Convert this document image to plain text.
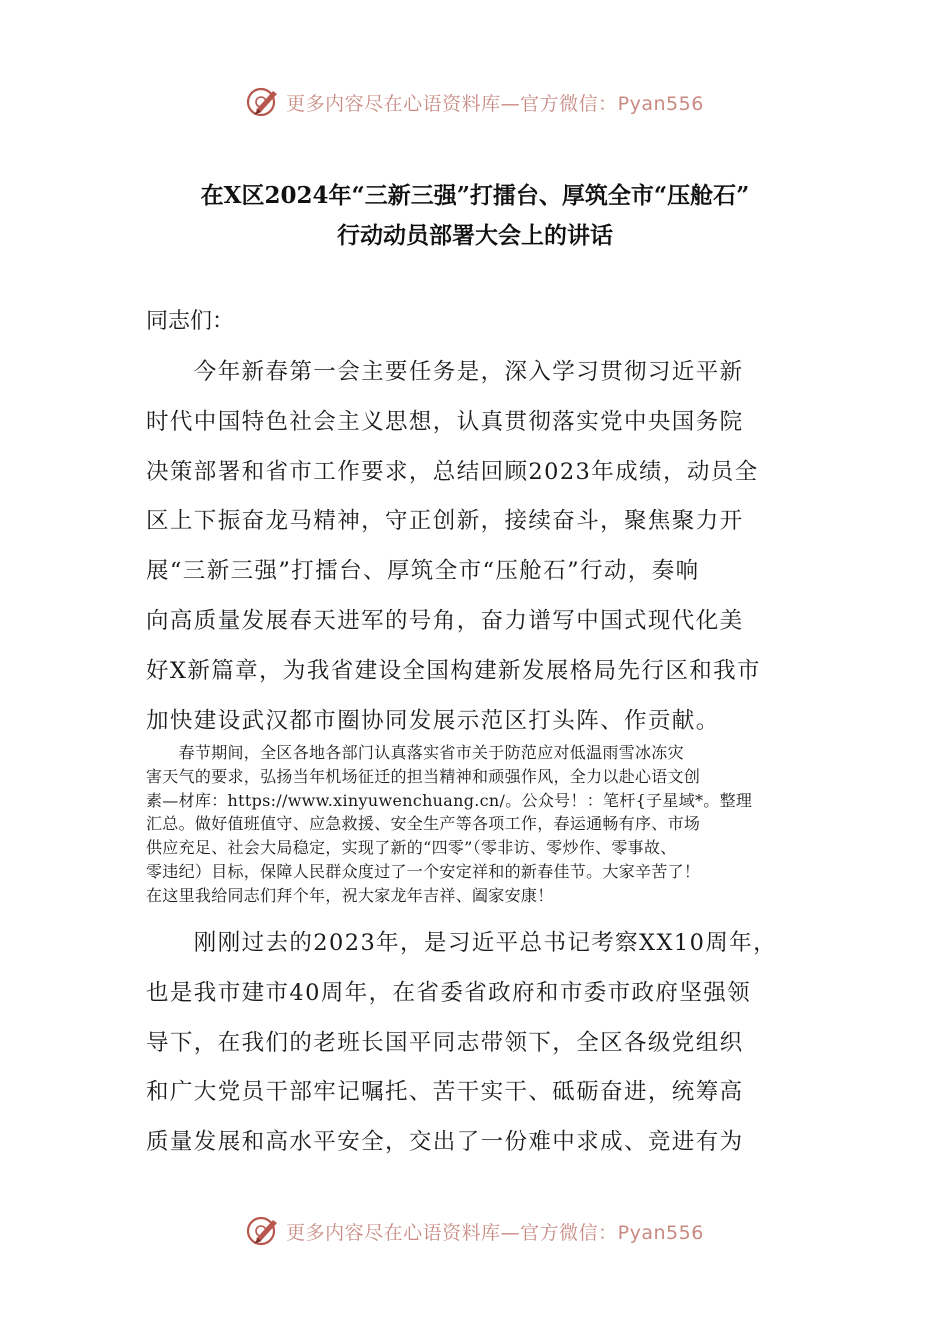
更多内容尽在心语资料库—官方微信：Pyan556
在X区2024年“三新三强”打擂台、厚筑全市“压舱石”
行动动员部署大会上的讲话
同志们：
　　今年新春第一会主要任务是，深入学习贯彻习近平新
时代中国特色社会主义思想，认真贯彻落实党中央国务院
决策部署和省市工作要求，总结回顾2023年成绩，动员全
区上下振奋龙马精神，守正创新，接续奋斗，聚焦聚力开
展“三新三强”打擂台、厚筑全市“压舱石”行动，奏响
向高质量发展春天进军的号角，奋力谱写中国式现代化美
好X新篇章，为我省建设全国构建新发展格局先行区和我市
加快建设武汉都市圈协同发展示范区打头阵、作贡献。
　　春节期间，全区各地各部门认真落实省市关于防范应对低温雨雪冰冻灾
害天气的要求，弘扬当年机场征迁的担当精神和顽强作风，全力以赴心语文创
素—材库：https://www.xinyuwenchuang.cn/。公众号！：笔杆{子星域*。整理
汇总。做好值班值守、应急救援、安全生产等各项工作，春运通畅有序、市场
供应充足、社会大局稳定，实现了新的“四零”（零非访、零炒作、零事故、
零违纪）目标，保障人民群众度过了一个安定祥和的新春佳节。大家辛苦了！
在这里我给同志们拜个年，祝大家龙年吉祥、阖家安康！
　　刚刚过去的2023年，是习近平总书记考察XX10周年，
也是我市建市40周年，在省委省政府和市委市政府坚强领
导下，在我们的老班长国平同志带领下，全区各级党组织
和广大党员干部牢记嘱托、苦干实干、砥砺奋进，统筹高
质量发展和高水平安全，交出了一份难中求成、竞进有为
更多内容尽在心语资料库—官方微信：Pyan556
